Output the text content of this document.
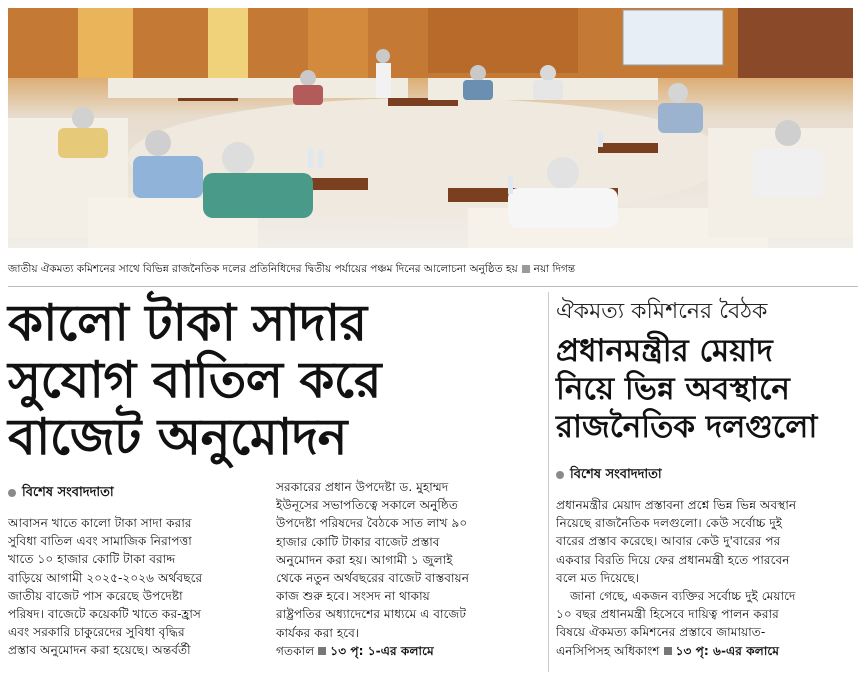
জাতীয় ঐকমত্য কমিশনের সাথে বিভিন্ন রাজনৈতিক দলের প্রতিনিধিদের দ্বিতীয় পর্যায়ের পঞ্চম দিনের আলোচনা অনুষ্ঠিত হয় নয়া দিগন্ত
কালো টাকা সাদার
সুযোগ বাতিল করে
বাজেট অনুমোদন
ঐকমত্য কমিশনের বৈঠক
প্রধানমন্ত্রীর মেয়াদ
নিয়ে ভিন্ন অবস্থানে
রাজনৈতিক দলগুলো
বিশেষ সংবাদদাতা
বিশেষ সংবাদদাতা
আবাসন খাতে কালো টাকা সাদা করার
সুবিধা বাতিল এবং সামাজিক নিরাপত্তা
খাতে ১০ হাজার কোটি টাকা বরাদ্দ
বাড়িয়ে আগামী ২০২৫-২০২৬ অর্থবছরে
জাতীয় বাজেট পাস করেছে উপদেষ্টা
পরিষদ। বাজেটে কয়েকটি খাতে কর-হ্রাস
এবং সরকারি চাকুরেদের সুবিধা বৃদ্ধির
প্রস্তাব অনুমোদন করা হয়েছে। অন্তর্বর্তী
সরকারের প্রধান উপদেষ্টা ড. মুহাম্মদ
ইউনূসের সভাপতিত্বে সকালে অনুষ্ঠিত
উপদেষ্টা পরিষদের বৈঠকে সাত লাখ ৯০
হাজার কোটি টাকার বাজেট প্রস্তাব
অনুমোদন করা হয়। আগামী ১ জুলাই
থেকে নতুন অর্থবছরের বাজেট বাস্তবায়ন
কাজ শুরু হবে। সংসদ না থাকায়
রাষ্ট্রপতির অধ্যাদেশের মাধ্যমে এ বাজেট
কার্যকর করা হবে।
গতকাল ১৩ পৃ: ১-এর কলামে
প্রধানমন্ত্রীর মেয়াদ প্রস্তাবনা প্রশ্নে ভিন্ন ভিন্ন অবস্থান
নিয়েছে রাজনৈতিক দলগুলো। কেউ সর্বোচ্চ দুই
বারের প্রস্তাব করেছে। আবার কেউ দু'বারের পর
একবার বিরতি দিয়ে ফের প্রধানমন্ত্রী হতে পারবেন
বলে মত দিয়েছে।
জানা গেছে, একজন ব্যক্তির সর্বোচ্চ দুই মেয়াদে
১০ বছর প্রধানমন্ত্রী হিসেবে দায়িত্ব পালন করার
বিষয়ে ঐকমত্য কমিশনের প্রস্তাবে জামায়াত-
এনসিপিসহ অধিকাংশ ১৩ পৃ: ৬-এর কলামে
